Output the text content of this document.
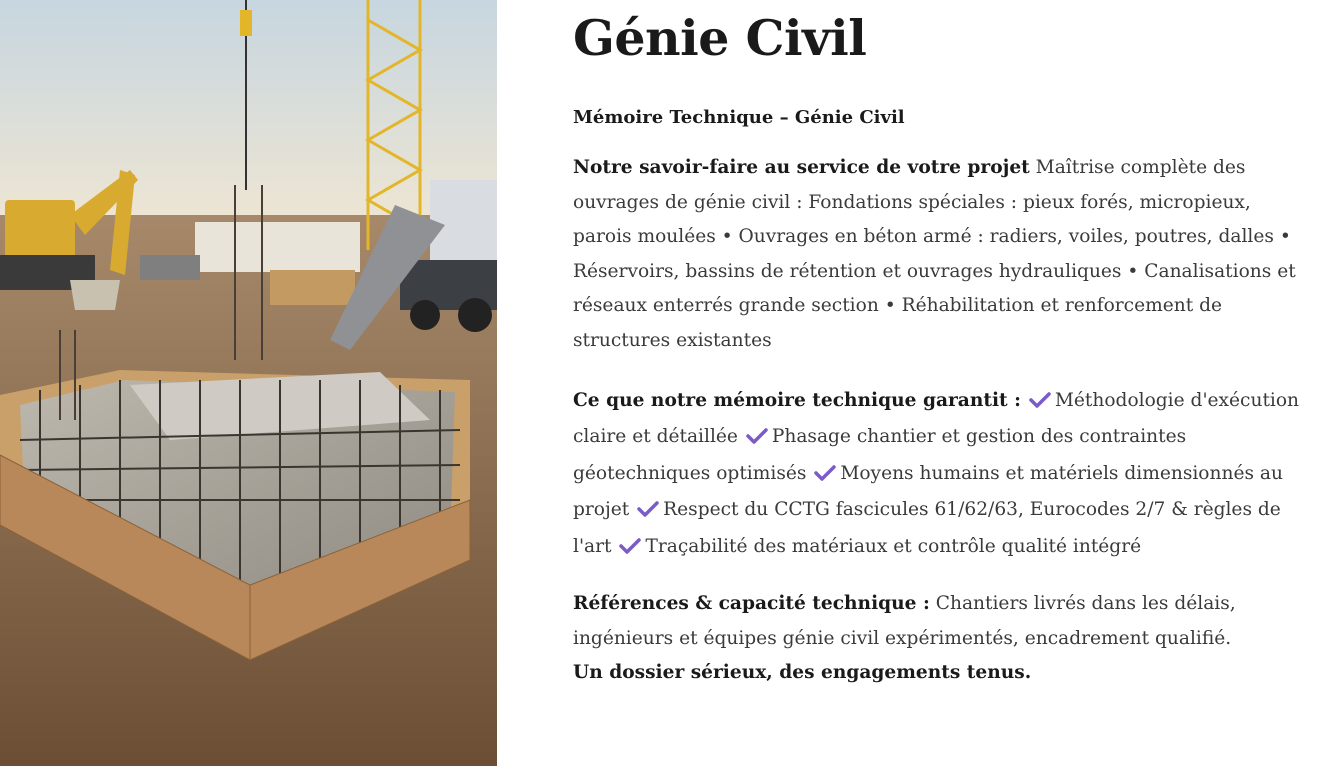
Génie Civil
Mémoire Technique – Génie Civil

Notre savoir-faire au service de votre projet Maîtrise complète des ouvrages de génie civil : Fondations spéciales : pieux forés, micropieux, parois moulées • Ouvrages en béton armé : radiers, voiles, poutres, dalles • Réservoirs, bassins de rétention et ouvrages hydrauliques • Canalisations et réseaux enterrés grande section • Réhabilitation et renforcement de structures existantes

Ce que notre mémoire technique garantit : Méthodologie d'exécution claire et détaillée Phasage chantier et gestion des contraintes géotechniques optimisés Moyens humains et matériels dimensionnés au projet Respect du CCTG fascicules 61/62/63, Eurocodes 2/7 & règles de l'art Traçabilité des matériaux et contrôle qualité intégré

Références & capacité technique : Chantiers livrés dans les délais, ingénieurs et équipes génie civil expérimentés, encadrement qualifié.
Un dossier sérieux, des engagements tenus.
